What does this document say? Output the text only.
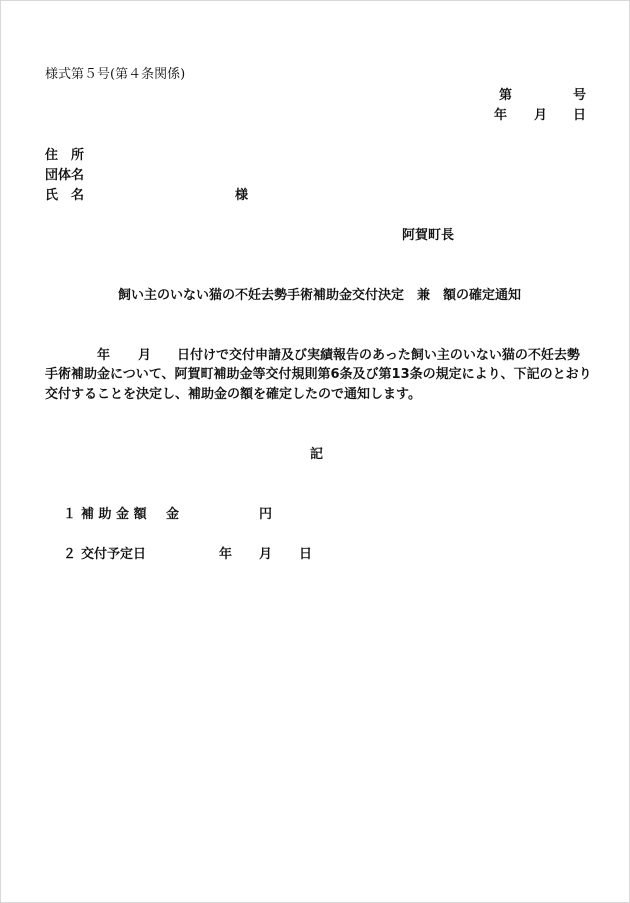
様式第５号(第４条関係)
第	号
年 月 日
住　所
団体名
氏　名	様
阿賀町長
飼い主のいない猫の不妊去勢手術補助金交付決定　兼　額の確定通知
年 月 日付けで交付申請及び実績報告のあった飼い主のいない猫の不妊去勢
手術補助金について、阿賀町補助金等交付規則第6条及び第13条の規定により、下記のとおり
交付することを決定し、補助金の額を確定したので通知します。
記
１ 補 助 金 額 金	円
２ 交付予定日	年 月 日
